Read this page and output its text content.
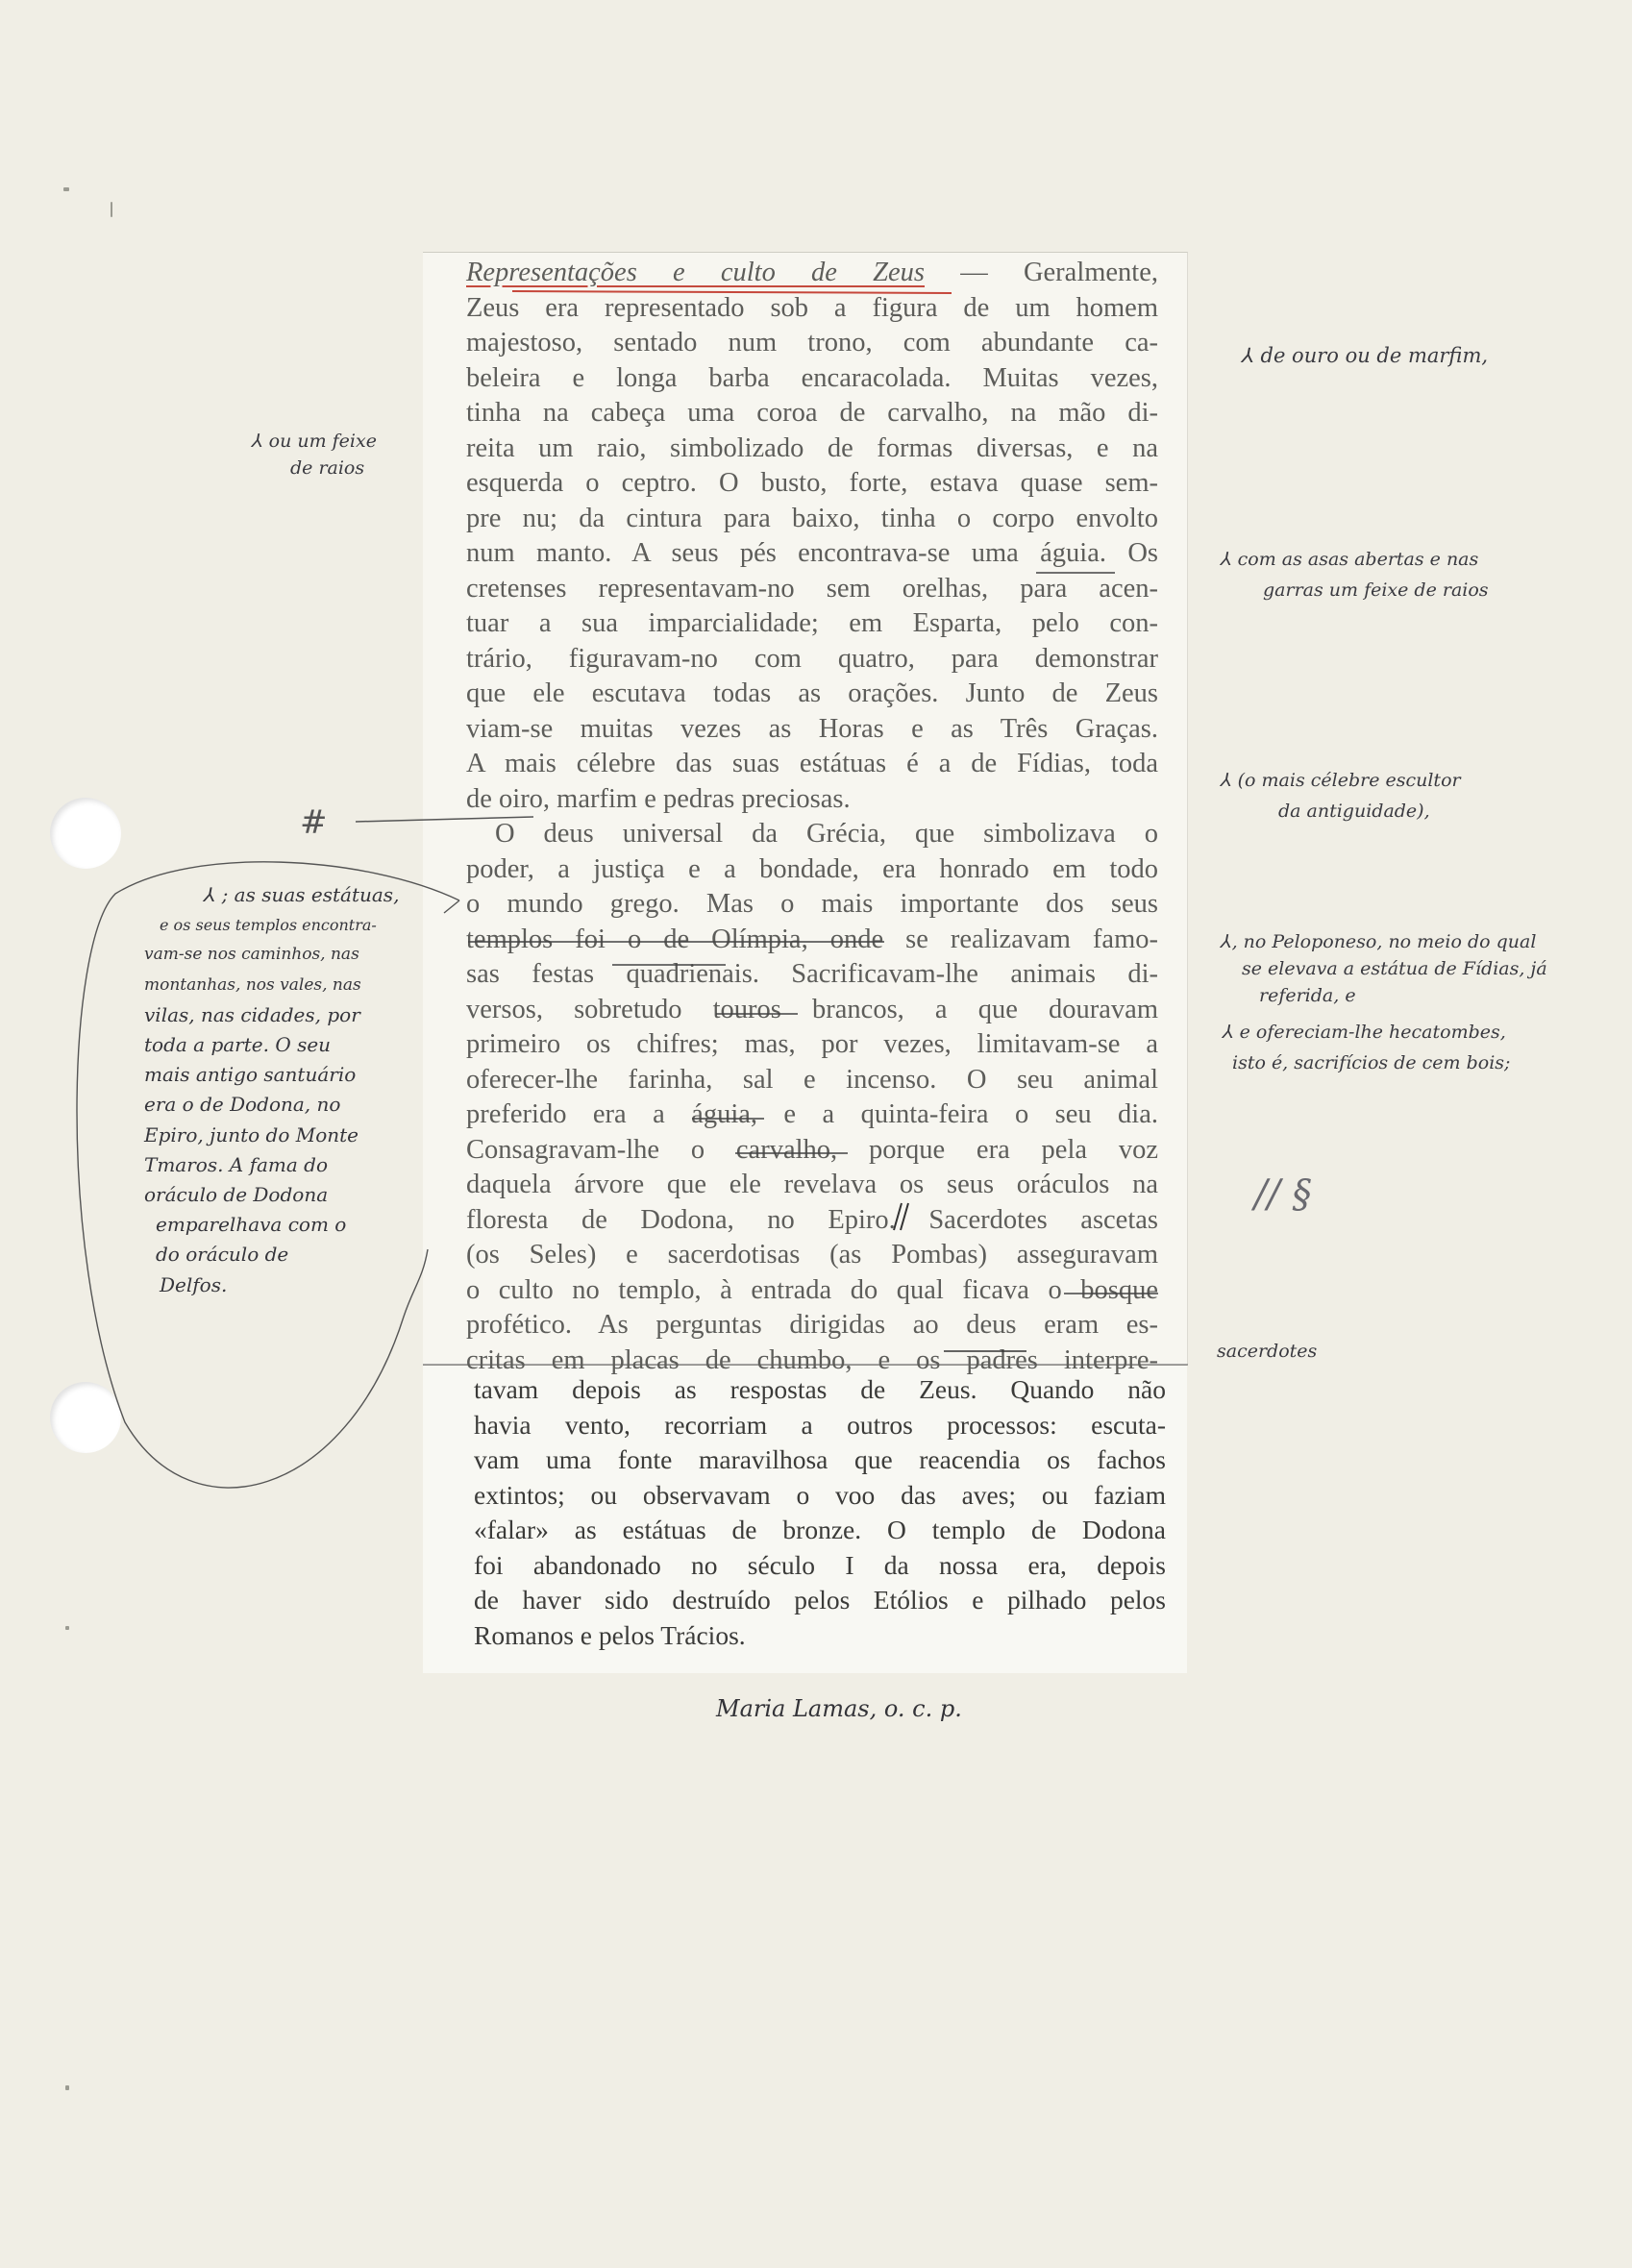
Representações e culto de Zeus — Geralmente,
Zeus era representado sob a figura de um homem
majestoso, sentado num trono, com abundante ca-
beleira e longa barba encaracolada. Muitas vezes,
tinha na cabeça uma coroa de carvalho, na mão di-
reita um raio, simbolizado de formas diversas, e na
esquerda o ceptro. O busto, forte, estava quase sem-
pre nu; da cintura para baixo, tinha o corpo envolto
num manto. A seus pés encontrava-se uma águia. Os
cretenses representavam-no sem orelhas, para acen-
tuar a sua imparcialidade; em Esparta, pelo con-
trário, figuravam-no com quatro, para demonstrar
que ele escutava todas as orações. Junto de Zeus
viam-se muitas vezes as Horas e as Três Graças.
A mais célebre das suas estátuas é a de Fídias, toda
de oiro, marfim e pedras preciosas.
O deus universal da Grécia, que simbolizava o
poder, a justiça e a bondade, era honrado em todo
o mundo grego. Mas o mais importante dos seus
templos foi o de Olímpia, onde se realizavam famo-
sas festas quadrienais. Sacrificavam-lhe animais di-
versos, sobretudo touros brancos, a que douravam
primeiro os chifres; mas, por vezes, limitavam-se a
oferecer-lhe farinha, sal e incenso. O seu animal
preferido era a águia, e a quinta-feira o seu dia.
Consagravam-lhe o carvalho, porque era pela voz
daquela árvore que ele revelava os seus oráculos na
floresta de Dodona, no Epiro. Sacerdotes ascetas
(os Seles) e sacerdotisas (as Pombas) asseguravam
o culto no templo, à entrada do qual ficava o bosque
profético. As perguntas dirigidas ao deus eram es-
critas em placas de chumbo, e os padres interpre-
tavam depois as respostas de Zeus. Quando não
havia vento, recorriam a outros processos: escuta-
vam uma fonte maravilhosa que reacendia os fachos
extintos; ou observavam o voo das aves; ou faziam
«falar» as estátuas de bronze. O templo de Dodona
foi abandonado no século I da nossa era, depois
de haver sido destruído pelos Etólios e pilhado pelos
Romanos e pelos Trácios.
⅄ ou um feixe
de raios
⅄ de ouro ou de marfim,
⅄ com as asas abertas e nas
garras um feixe de raios
⅄ (o mais célebre escultor
da antiguidade),
⅄, no Peloponeso, no meio do qual
se elevava a estátua de Fídias, já
referida, e
⅄ e ofereciam-lhe hecatombes,
isto é, sacrifícios de cem bois;
// §
sacerdotes
#
⅄ ; as suas estátuas,
e os seus templos encontra-
vam-se nos caminhos, nas
montanhas, nos vales, nas
vilas, nas cidades, por
toda a parte. O seu
mais antigo santuário
era o de Dodona, no
Epiro, junto do Monte
Tmaros. A fama do
oráculo de Dodona
emparelhava com o
do oráculo de
Delfos.
Maria Lamas, o. c. p.
